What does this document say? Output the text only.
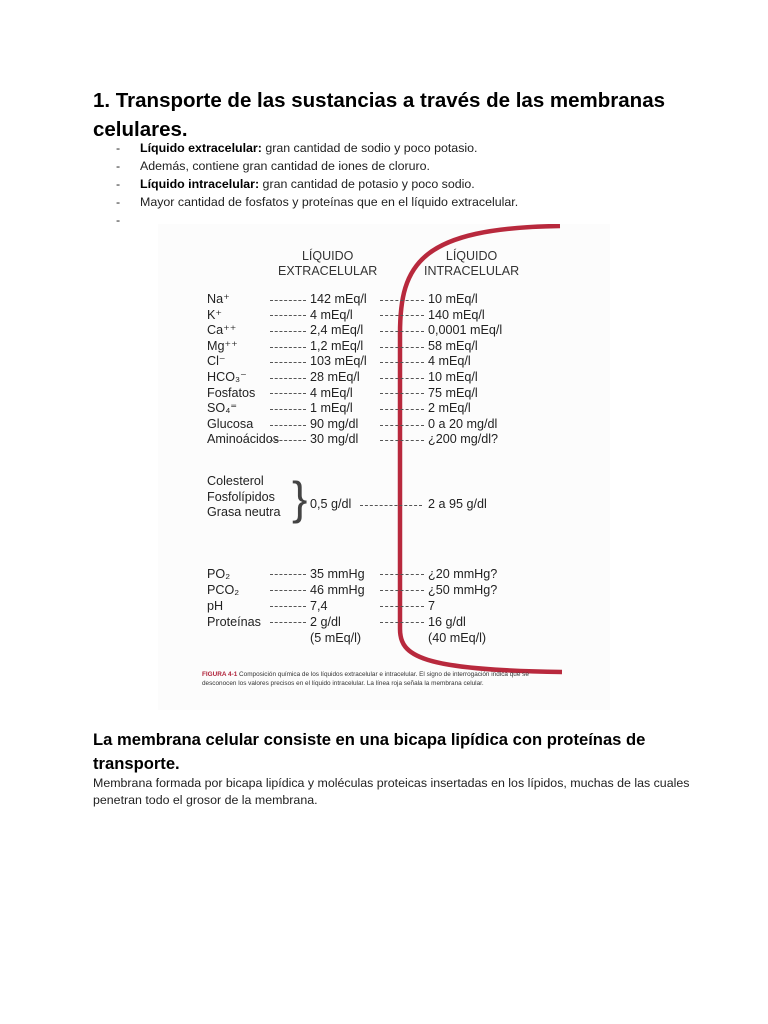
1. Transporte de las sustancias a través de las membranas celulares.
- Líquido extracelular: gran cantidad de sodio y poco potasio.
- Además, contiene gran cantidad de iones de cloruro.
- Líquido intracelular: gran cantidad de potasio y poco sodio.
- Mayor cantidad de fosfatos y proteínas que en el líquido extracelular.
-
LÍQUIDO
EXTRACELULAR
LÍQUIDO
INTRACELULAR
Na⁺
K⁺
Ca⁺⁺
Mg⁺⁺
Cl⁻
HCO₃⁻
Fosfatos
SO₄⁼
Glucosa
Aminoácidos
142 mEq/l
4 mEq/l
2,4 mEq/l
1,2 mEq/l
103 mEq/l
28 mEq/l
4 mEq/l
1 mEq/l
90 mg/dl
30 mg/dl
10 mEq/l
140 mEq/l
0,0001 mEq/l
58 mEq/l
4 mEq/l
10 mEq/l
75 mEq/l
2 mEq/l
0 a 20 mg/dl
¿200 mg/dl?
Colesterol
Fosfolípidos
Grasa neutra } 0,5 g/dl	2 a 95 g/dl
PO₂
PCO₂
pH
Proteínas
35 mmHg
46 mmHg
7,4
2 g/dl
(5 mEq/l)
¿20 mmHg?
¿50 mmHg?
7
16 g/dl
(40 mEq/l)
FIGURA 4-1 Composición química de los líquidos extracelular e intracelular. El signo de interrogación indica que se desconocen los valores precisos en el líquido intracelular. La línea roja señala la membrana celular.
La membrana celular consiste en una bicapa lipídica con proteínas de transporte.

Membrana formada por bicapa lipídica y moléculas proteicas insertadas en los lípidos, muchas de las cuales penetran todo el grosor de la membrana.
